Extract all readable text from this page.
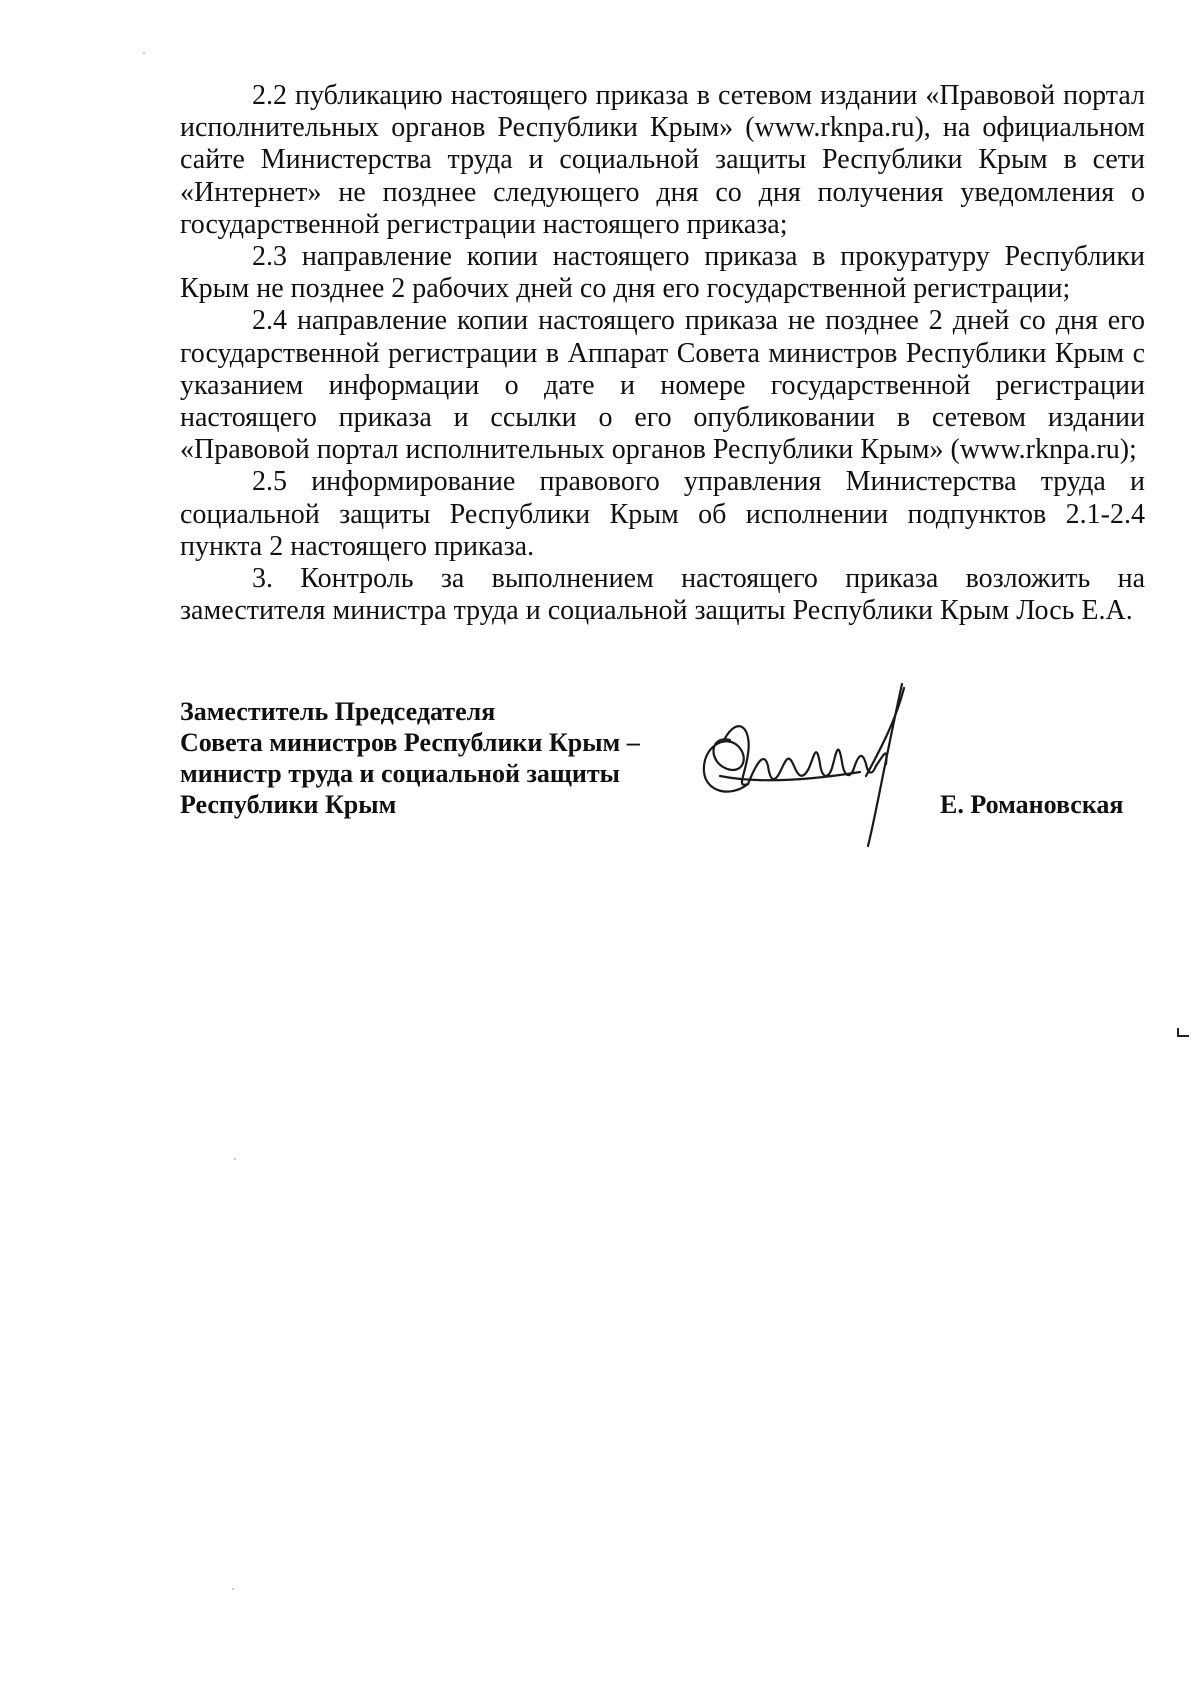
2.2 публикацию настоящего приказа в сетевом издании «Правовой портал исполнительных органов Республики Крым» (www.rknpa.ru), на официальном сайте Министерства труда и социальной защиты Республики Крым в сети «Интернет» не позднее следующего дня со дня получения уведомления о государственной регистрации настоящего приказа;

2.3 направление копии настоящего приказа в прокуратуру Республики Крым не позднее 2 рабочих дней со дня его государственной регистрации;

2.4 направление копии настоящего приказа не позднее 2 дней со дня его государственной регистрации в Аппарат Совета министров Республики Крым с указанием информации о дате и номере государственной регистрации настоящего приказа и ссылки о его опубликовании в сетевом издании «Правовой портал исполнительных органов Республики Крым» (www.rknpa.ru);

2.5 информирование правового управления Министерства труда и социальной защиты Республики Крым об исполнении подпунктов 2.1-2.4 пункта 2 настоящего приказа.

3. Контроль за выполнением настоящего приказа возложить на заместителя министра труда и социальной защиты Республики Крым Лось Е.А.

Заместитель Председателя
Совета министров Республики Крым –
министр труда и социальной защиты
Республики Крым	Е. Романовская
